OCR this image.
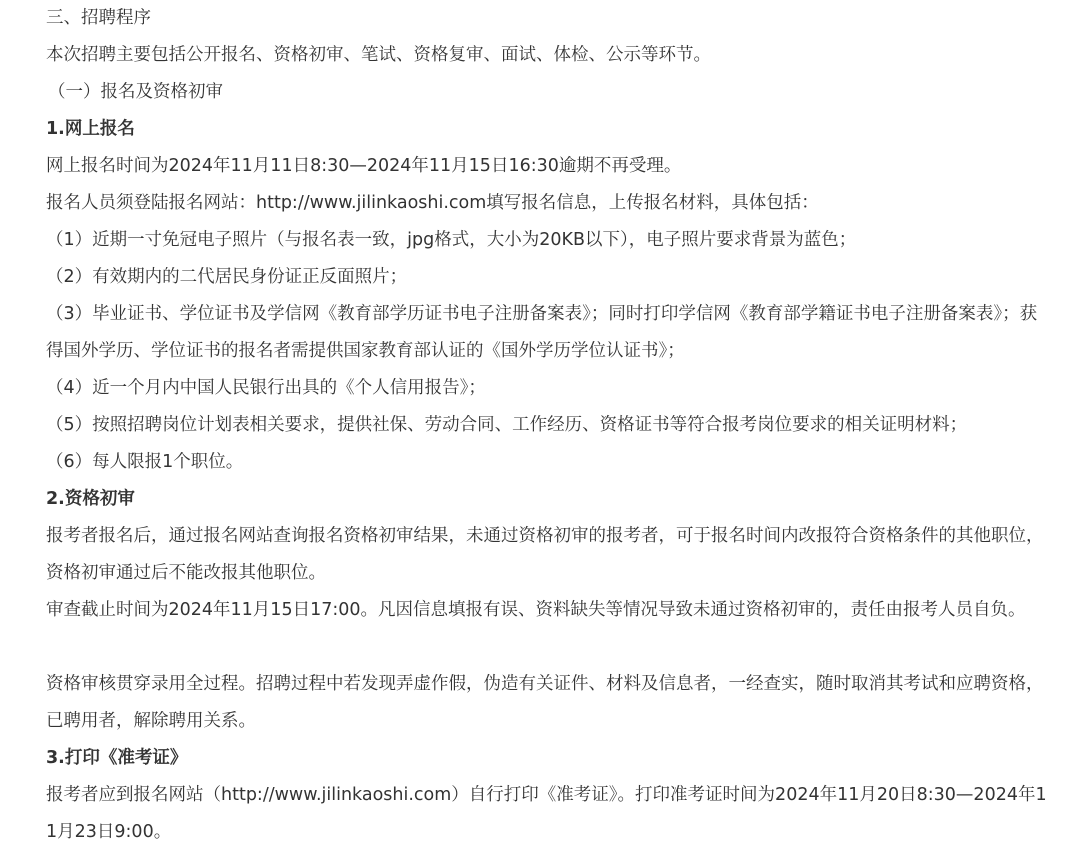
三、招聘程序
本次招聘主要包括公开报名、资格初审、笔试、资格复审、面试、体检、公示等环节。
（一）报名及资格初审
1.网上报名
网上报名时间为2024年11月11日8:30—2024年11月15日16:30逾期不再受理。
报名人员须登陆报名网站：http://www.jilinkaoshi.com填写报名信息，上传报名材料，具体包括：
（1）近期一寸免冠电子照片（与报名表一致，jpg格式，大小为20KB以下），电子照片要求背景为蓝色；
（2）有效期内的二代居民身份证正反面照片；
（3）毕业证书、学位证书及学信网《教育部学历证书电子注册备案表》；同时打印学信网《教育部学籍证书电子注册备案表》；获得国外学历、学位证书的报名者需提供国家教育部认证的《国外学历学位认证书》；
（4）近一个月内中国人民银行出具的《个人信用报告》；
（5）按照招聘岗位计划表相关要求，提供社保、劳动合同、工作经历、资格证书等符合报考岗位要求的相关证明材料；
（6）每人限报1个职位。
2.资格初审
报考者报名后，通过报名网站查询报名资格初审结果，未通过资格初审的报考者，可于报名时间内改报符合资格条件的其他职位，资格初审通过后不能改报其他职位。
审查截止时间为2024年11月15日17:00。凡因信息填报有误、资料缺失等情况导致未通过资格初审的，责任由报考人员自负。
资格审核贯穿录用全过程。招聘过程中若发现弄虚作假，伪造有关证件、材料及信息者，一经查实，随时取消其考试和应聘资格，已聘用者，解除聘用关系。
3.打印《准考证》
报考者应到报名网站（http://www.jilinkaoshi.com）自行打印《准考证》。打印准考证时间为2024年11月20日8:30—2024年11月23日9:00。
